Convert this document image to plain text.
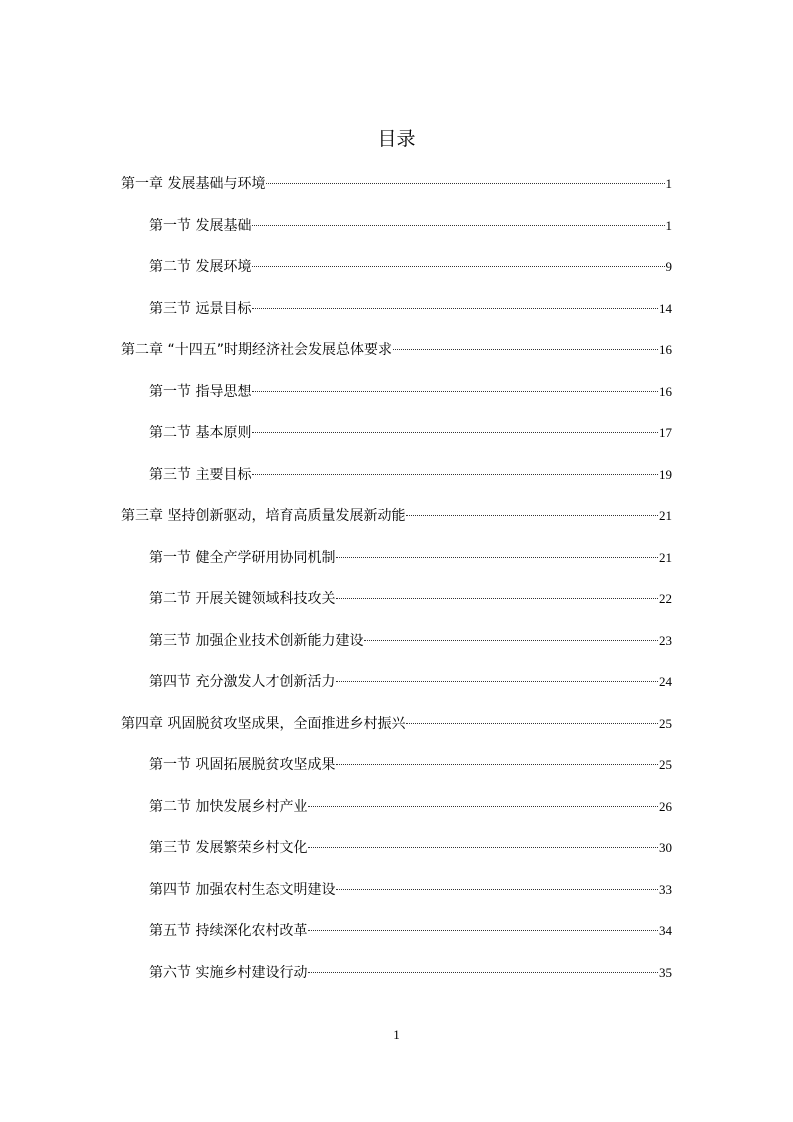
目录
第一章 发展基础与环境	1
第一节 发展基础	1
第二节 发展环境	9
第三节 远景目标	14
第二章 “十四五”时期经济社会发展总体要求	16
第一节 指导思想	16
第二节 基本原则	17
第三节 主要目标	19
第三章 坚持创新驱动，培育高质量发展新动能	21
第一节 健全产学研用协同机制	21
第二节 开展关键领域科技攻关	22
第三节 加强企业技术创新能力建设	23
第四节 充分激发人才创新活力	24
第四章 巩固脱贫攻坚成果，全面推进乡村振兴	25
第一节 巩固拓展脱贫攻坚成果	25
第二节 加快发展乡村产业	26
第三节 发展繁荣乡村文化	30
第四节 加强农村生态文明建设	33
第五节 持续深化农村改革	34
第六节 实施乡村建设行动	35
1
